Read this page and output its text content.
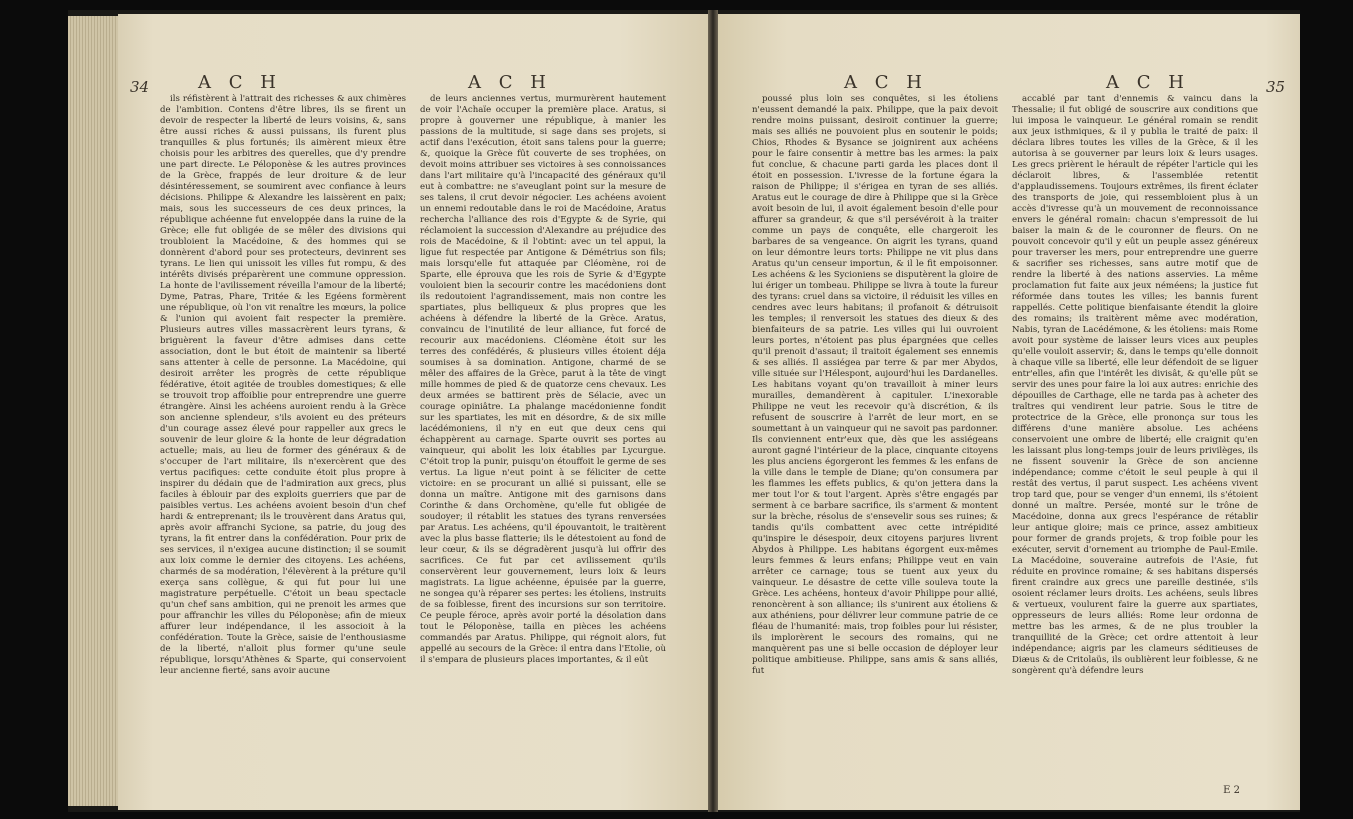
34	A C H	A C H

ils réfistèrent à l'attrait des richesses & aux chimères de l'ambition. Contens d'être libres, ils se firent un devoir de respecter la liberté de leurs voisins, &, sans être aussi riches & aussi puissans, ils furent plus tranquilles & plus fortunés; ils aimèrent mieux être choisis pour les arbitres des querelles, que d'y prendre une part directe. Le Péloponèse & les autres provinces de la Grèce, frappés de leur droiture & de leur désintéressement, se soumirent avec confiance à leurs décisions. Philippe & Alexandre les laissèrent en paix; mais, sous les successeurs de ces deux princes, la république achéenne fut enveloppée dans la ruine de la Grèce; elle fut obligée de se mêler des divisions qui troubloient la Macédoine, & des hommes qui se donnèrent d'abord pour ses protecteurs, devinrent ses tyrans. Le lien qui unissoit les villes fut rompu, & des intérêts divisés préparèrent une commune oppression. La honte de l'avilissement réveilla l'amour de la liberté; Dyme, Patras, Phare, Tritée & les Egéens formèrent une république, où l'on vit renaître les mœurs, la police & l'union qui avoient fait respecter la première. Plusieurs autres villes massacrèrent leurs tyrans, & briguèrent la faveur d'être admises dans cette association, dont le but étoit de maintenir sa liberté sans attenter à celle de personne. La Macédoine, qui desiroit arrêter les progrès de cette république fédérative, étoit agitée de troubles domestiques; & elle se trouvoit trop affoiblie pour entreprendre une guerre étrangère. Ainsi les achéens auroient rendu à la Grèce son ancienne splendeur, s'ils avoient eu des préteurs d'un courage assez élevé pour rappeller aux grecs le souvenir de leur gloire & la honte de leur dégradation actuelle; mais, au lieu de former des généraux & de s'occuper de l'art militaire, ils n'exercèrent que des vertus pacifiques: cette conduite étoit plus propre à inspirer du dédain que de l'admiration aux grecs, plus faciles à éblouir par des exploits guerriers que par de paisibles vertus. Les achéens avoient besoin d'un chef hardi & entreprenant; ils le trouvèrent dans Aratus qui, après avoir affranchi Sycione, sa patrie, du joug des tyrans, la fit entrer dans la confédération. Pour prix de ses services, il n'exigea aucune distinction; il se soumit aux loix comme le dernier des citoyens. Les achéens, charmés de sa modération, l'élevèrent à la préture qu'il exerça sans collègue, & qui fut pour lui une magistrature perpétuelle. C'étoit un beau spectacle qu'un chef sans ambition, qui ne prenoit les armes que pour affranchir les villes du Péloponèse; afin de mieux affurer leur indépendance, il les associoit à la confédération. Toute la Grèce, saisie de l'enthousiasme de la liberté, n'alloit plus former qu'une seule république, lorsqu'Athènes & Sparte, qui conservoient leur ancienne fierté, sans avoir aucune

de leurs anciennes vertus, murmurèrent hautement de voir l'Achaïe occuper la première place. Aratus, si propre à gouverner une république, à manier les passions de la multitude, si sage dans ses projets, si actif dans l'exécution, étoit sans talens pour la guerre; &, quoique la Grèce fût couverte de ses trophées, on devoit moins attribuer ses victoires à ses connoissances dans l'art militaire qu'à l'incapacité des généraux qu'il eut à combattre: ne s'aveuglant point sur la mesure de ses talens, il crut devoir négocier. Les achéens avoient un ennemi redoutable dans le roi de Macédoine, Aratus rechercha l'alliance des rois d'Egypte & de Syrie, qui réclamoient la succession d'Alexandre au préjudice des rois de Macédoine, & il l'obtint: avec un tel appui, la ligue fut respectée par Antigone & Démétrius son fils; mais lorsqu'elle fut attaquée par Cléomène, roi de Sparte, elle éprouva que les rois de Syrie & d'Egypte vouloient bien la secourir contre les macédoniens dont ils redoutoient l'agrandissement, mais non contre les spartiates, plus belliqueux & plus propres que les achéens à défendre la liberté de la Grèce. Aratus, convaincu de l'inutilité de leur alliance, fut forcé de recourir aux macédoniens. Cléomène étoit sur les terres des confédérés, & plusieurs villes étoient déja soumises à sa domination. Antigone, charmé de se mêler des affaires de la Grèce, parut à la tête de vingt mille hommes de pied & de quatorze cens chevaux. Les deux armées se battirent près de Sélacie, avec un courage opiniâtre. La phalange macédonienne fondit sur les spartiates, les mit en désordre, & de six mille lacédémoniens, il n'y en eut que deux cens qui échappèrent au carnage. Sparte ouvrit ses portes au vainqueur, qui abolit les loix établies par Lycurgue. C'étoit trop la punir, puisqu'on étouffoit le germe de ses vertus. La ligue n'eut point à se féliciter de cette victoire: en se procurant un allié si puissant, elle se donna un maître. Antigone mit des garnisons dans Corinthe & dans Orchomène, qu'elle fut obligée de soudoyer; il rétablit les statues des tyrans renversées par Aratus. Les achéens, qu'il épouvantoit, le traitèrent avec la plus basse flatterie; ils le détestoient au fond de leur cœur, & ils se dégradèrent jusqu'à lui offrir des sacrifices. Ce fut par cet avilissement qu'ils conservèrent leur gouvernement, leurs loix & leurs magistrats. La ligue achéenne, épuisée par la guerre, ne songea qu'à réparer ses pertes: les étoliens, instruits de sa foiblesse, firent des incursions sur son territoire. Ce peuple féroce, après avoir porté la désolation dans tout le Péloponèse, tailla en pièces les achéens commandés par Aratus. Philippe, qui régnoit alors, fut appellé au secours de la Grèce: il entra dans l'Etolie, où il s'empara de plusieurs places importantes, & il eût

A C H	A C H	35

poussé plus loin ses conquêtes, si les étoliens n'eussent demandé la paix. Philippe, que la paix devoit rendre moins puissant, desiroit continuer la guerre; mais ses alliés ne pouvoient plus en soutenir le poids; Chios, Rhodes & Bysance se joignirent aux achéens pour le faire consentir à mettre bas les armes: la paix fut conclue, & chacune parti garda les places dont il étoit en possession. L'ivresse de la fortune égara la raison de Philippe; il s'érigea en tyran de ses alliés. Aratus eut le courage de dire à Philippe que si la Grèce avoit besoin de lui, il avoit également besoin d'elle pour affurer sa grandeur, & que s'il persévéroit à la traiter comme un pays de conquête, elle chargeroit les barbares de sa vengeance. On aigrit les tyrans, quand on leur démontre leurs torts: Philippe ne vit plus dans Aratus qu'un censeur importun, & il le fit empoisonner. Les achéens & les Sycioniens se disputèrent la gloire de lui ériger un tombeau. Philippe se livra à toute la fureur des tyrans: cruel dans sa victoire, il réduisit les villes en cendres avec leurs habitans; il profanoit & détruisoit les temples; il renversoit les statues des dieux & des bienfaiteurs de sa patrie. Les villes qui lui ouvroient leurs portes, n'étoient pas plus épargnées que celles qu'il prenoit d'assaut; il traitoit également ses ennemis & ses alliés. Il assiégea par terre & par mer Abydos, ville située sur l'Hélespont, aujourd'hui les Dardanelles. Les habitans voyant qu'on travailloit à miner leurs murailles, demandèrent à capituler. L'inexorable Philippe ne veut les recevoir qu'à discrétion, & ils refusent de souscrire à l'arrêt de leur mort, en se soumettant à un vainqueur qui ne savoit pas pardonner. Ils conviennent entr'eux que, dès que les assiégeans auront gagné l'intérieur de la place, cinquante citoyens les plus anciens égorgeront les femmes & les enfans de la ville dans le temple de Diane; qu'on consumera par les flammes les effets publics, & qu'on jettera dans la mer tout l'or & tout l'argent. Après s'être engagés par serment à ce barbare sacrifice, ils s'arment & montent sur la brèche, résolus de s'ensevelir sous ses ruines; & tandis qu'ils combattent avec cette intrépidité qu'inspire le désespoir, deux citoyens parjures livrent Abydos à Philippe. Les habitans égorgent eux-mêmes leurs femmes & leurs enfans; Philippe veut en vain arrêter ce carnage; tous se tuent aux yeux du vainqueur. Le désastre de cette ville souleva toute la Grèce. Les achéens, honteux d'avoir Philippe pour allié, renoncèrent à son alliance; ils s'unirent aux étoliens & aux athéniens, pour délivrer leur commune patrie de ce fléau de l'humanité: mais, trop foibles pour lui résister, ils implorèrent le secours des romains, qui ne manquèrent pas une si belle occasion de déployer leur politique ambitieuse. Philippe, sans amis & sans alliés, fut

accablé par tant d'ennemis & vaincu dans la Thessalie; il fut obligé de souscrire aux conditions que lui imposa le vainqueur. Le général romain se rendit aux jeux isthmiques, & il y publia le traité de paix: il déclara libres toutes les villes de la Grèce, & il les autorisa à se gouverner par leurs loix & leurs usages. Les grecs prièrent le hérault de répéter l'article qui les déclaroit libres, & l'assemblée retentit d'applaudissemens. Toujours extrêmes, ils firent éclater des transports de joie, qui ressembloient plus à un accès d'ivresse qu'à un mouvement de reconnoissance envers le général romain: chacun s'empressoit de lui baiser la main & de le couronner de fleurs. On ne pouvoit concevoir qu'il y eût un peuple assez généreux pour traverser les mers, pour entreprendre une guerre & sacrifier ses richesses, sans autre motif que de rendre la liberté à des nations asservies. La même proclamation fut faite aux jeux néméens; la justice fut réformée dans toutes les villes; les bannis furent rappellés. Cette politique bienfaisante étendit la gloire des romains; ils traitèrent même avec modération, Nabis, tyran de Lacédémone, & les étoliens: mais Rome avoit pour système de laisser leurs vices aux peuples qu'elle vouloit asservir; &, dans le temps qu'elle donnoit à chaque ville sa liberté, elle leur défendoit de se liguer entr'elles, afin que l'intérêt les divisât, & qu'elle pût se servir des unes pour faire la loi aux autres: enrichie des dépouilles de Carthage, elle ne tarda pas à acheter des traîtres qui vendirent leur patrie. Sous le titre de protectrice de la Grèce, elle prononça sur tous les différens d'une manière absolue. Les achéens conservoient une ombre de liberté; elle craignit qu'en les laissant plus long-temps jouir de leurs privilèges, ils ne fissent souvenir la Grèce de son ancienne indépendance; comme c'étoit le seul peuple à qui il restât des vertus, il parut suspect. Les achéens vivent trop tard que, pour se venger d'un ennemi, ils s'étoient donné un maître. Persée, monté sur le trône de Macédoine, donna aux grecs l'espérance de rétablir leur antique gloire; mais ce prince, assez ambitieux pour former de grands projets, & trop foible pour les exécuter, servit d'ornement au triomphe de Paul-Emile. La Macédoine, souveraine autrefois de l'Asie, fut réduite en province romaine; & ses habitans dispersés firent craindre aux grecs une pareille destinée, s'ils osoient réclamer leurs droits. Les achéens, seuls libres & vertueux, voulurent faire la guerre aux spartiates, oppresseurs de leurs alliés: Rome leur ordonna de mettre bas les armes, & de ne plus troubler la tranquillité de la Grèce; cet ordre attentoit à leur indépendance; aigris par les clameurs séditieuses de Diæus & de Critolaüs, ils oublièrent leur foiblesse, & ne songèrent qu'à défendre leurs

E 2
